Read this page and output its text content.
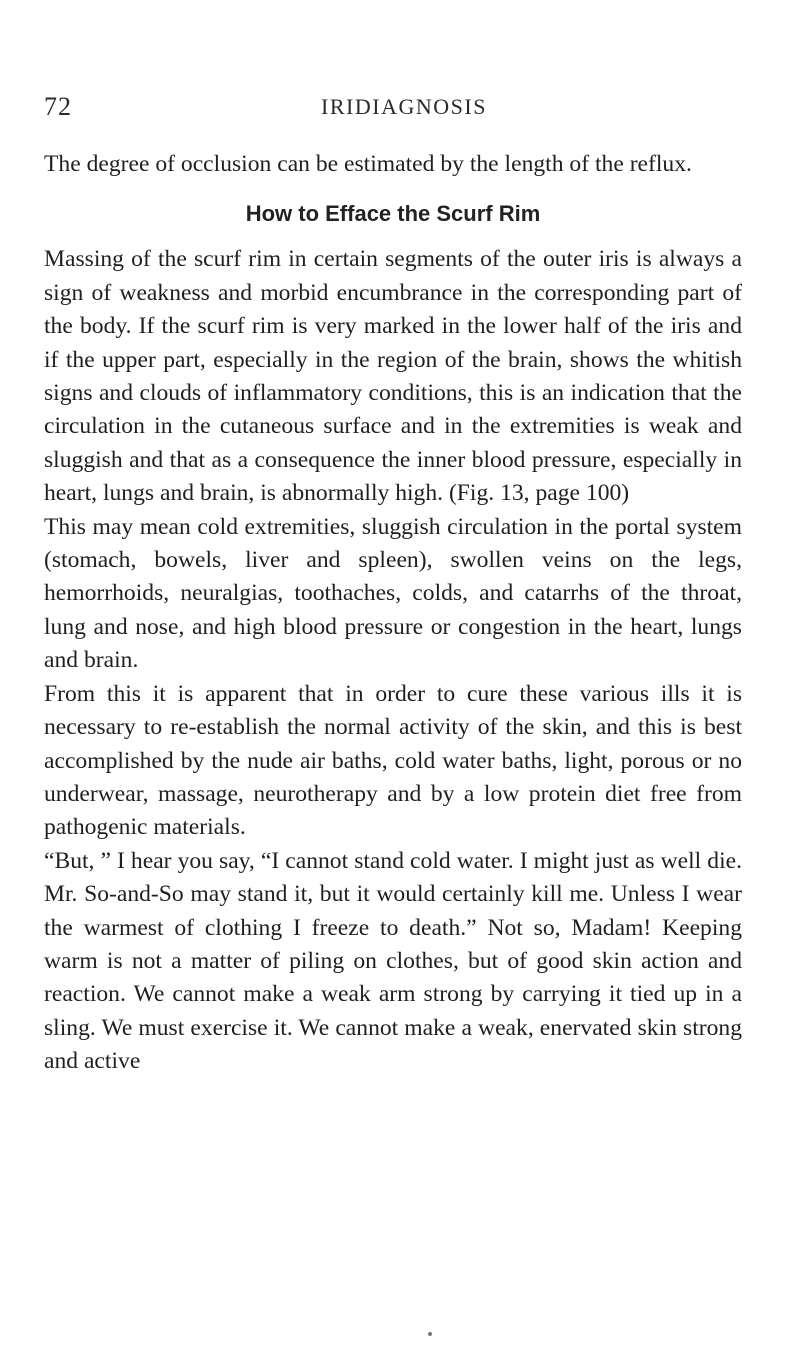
72	IRIDIAGNOSIS

The degree of occlusion can be estimated by the length of the reflux.

How to Efface the Scurf Rim

Massing of the scurf rim in certain segments of the outer iris is always a sign of weakness and morbid encumbrance in the corresponding part of the body. If the scurf rim is very marked in the lower half of the iris and if the upper part, especially in the region of the brain, shows the whitish signs and clouds of inflammatory conditions, this is an indication that the circulation in the cutaneous surface and in the extremities is weak and sluggish and that as a consequence the inner blood pressure, especially in heart, lungs and brain, is abnormally high. (Fig. 13, page 100)

This may mean cold extremities, sluggish circulation in the portal system (stomach, bowels, liver and spleen), swollen veins on the legs, hemorrhoids, neuralgias, toothaches, colds, and catarrhs of the throat, lung and nose, and high blood pressure or congestion in the heart, lungs and brain.

From this it is apparent that in order to cure these various ills it is necessary to re-establish the normal activity of the skin, and this is best accomplished by the nude air baths, cold water baths, light, porous or no underwear, massage, neurotherapy and by a low protein diet free from pathogenic materials.

“But, ” I hear you say, “I cannot stand cold water. I might just as well die. Mr. So-and-So may stand it, but it would certainly kill me. Unless I wear the warmest of clothing I freeze to death.” Not so, Madam! Keeping warm is not a matter of piling on clothes, but of good skin action and reaction. We cannot make a weak arm strong by carrying it tied up in a sling. We must exercise it. We cannot make a weak, enervated skin strong and active
